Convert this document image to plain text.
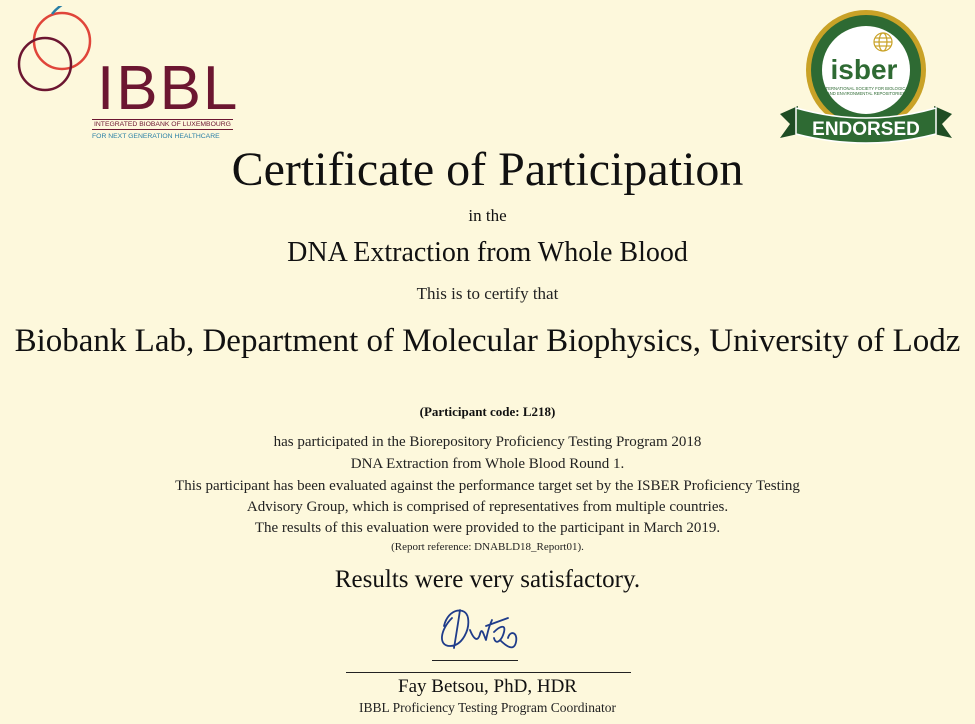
IBBL
INTEGRATED BIOBANK OF LUXEMBOURG
FOR NEXT GENERATION HEALTHCARE
isber
INTERNATIONAL SOCIETY FOR BIOLOGICAL
AND ENVIRONMENTAL REPOSITORIES
ENDORSED
Certificate of Participation
in the
DNA Extraction from Whole Blood
This is to certify that
Biobank Lab, Department of Molecular Biophysics, University of Lodz
(Participant code: L218)
has participated in the Biorepository Proficiency Testing Program 2018
DNA Extraction from Whole Blood Round 1.
This participant has been evaluated against the performance target set by the ISBER Proficiency Testing
Advisory Group, which is comprised of representatives from multiple countries.
The results of this evaluation were provided to the participant in March 2019.
(Report reference: DNABLD18_Report01).
Results were very satisfactory.
Fay Betsou, PhD, HDR
IBBL Proficiency Testing Program Coordinator
